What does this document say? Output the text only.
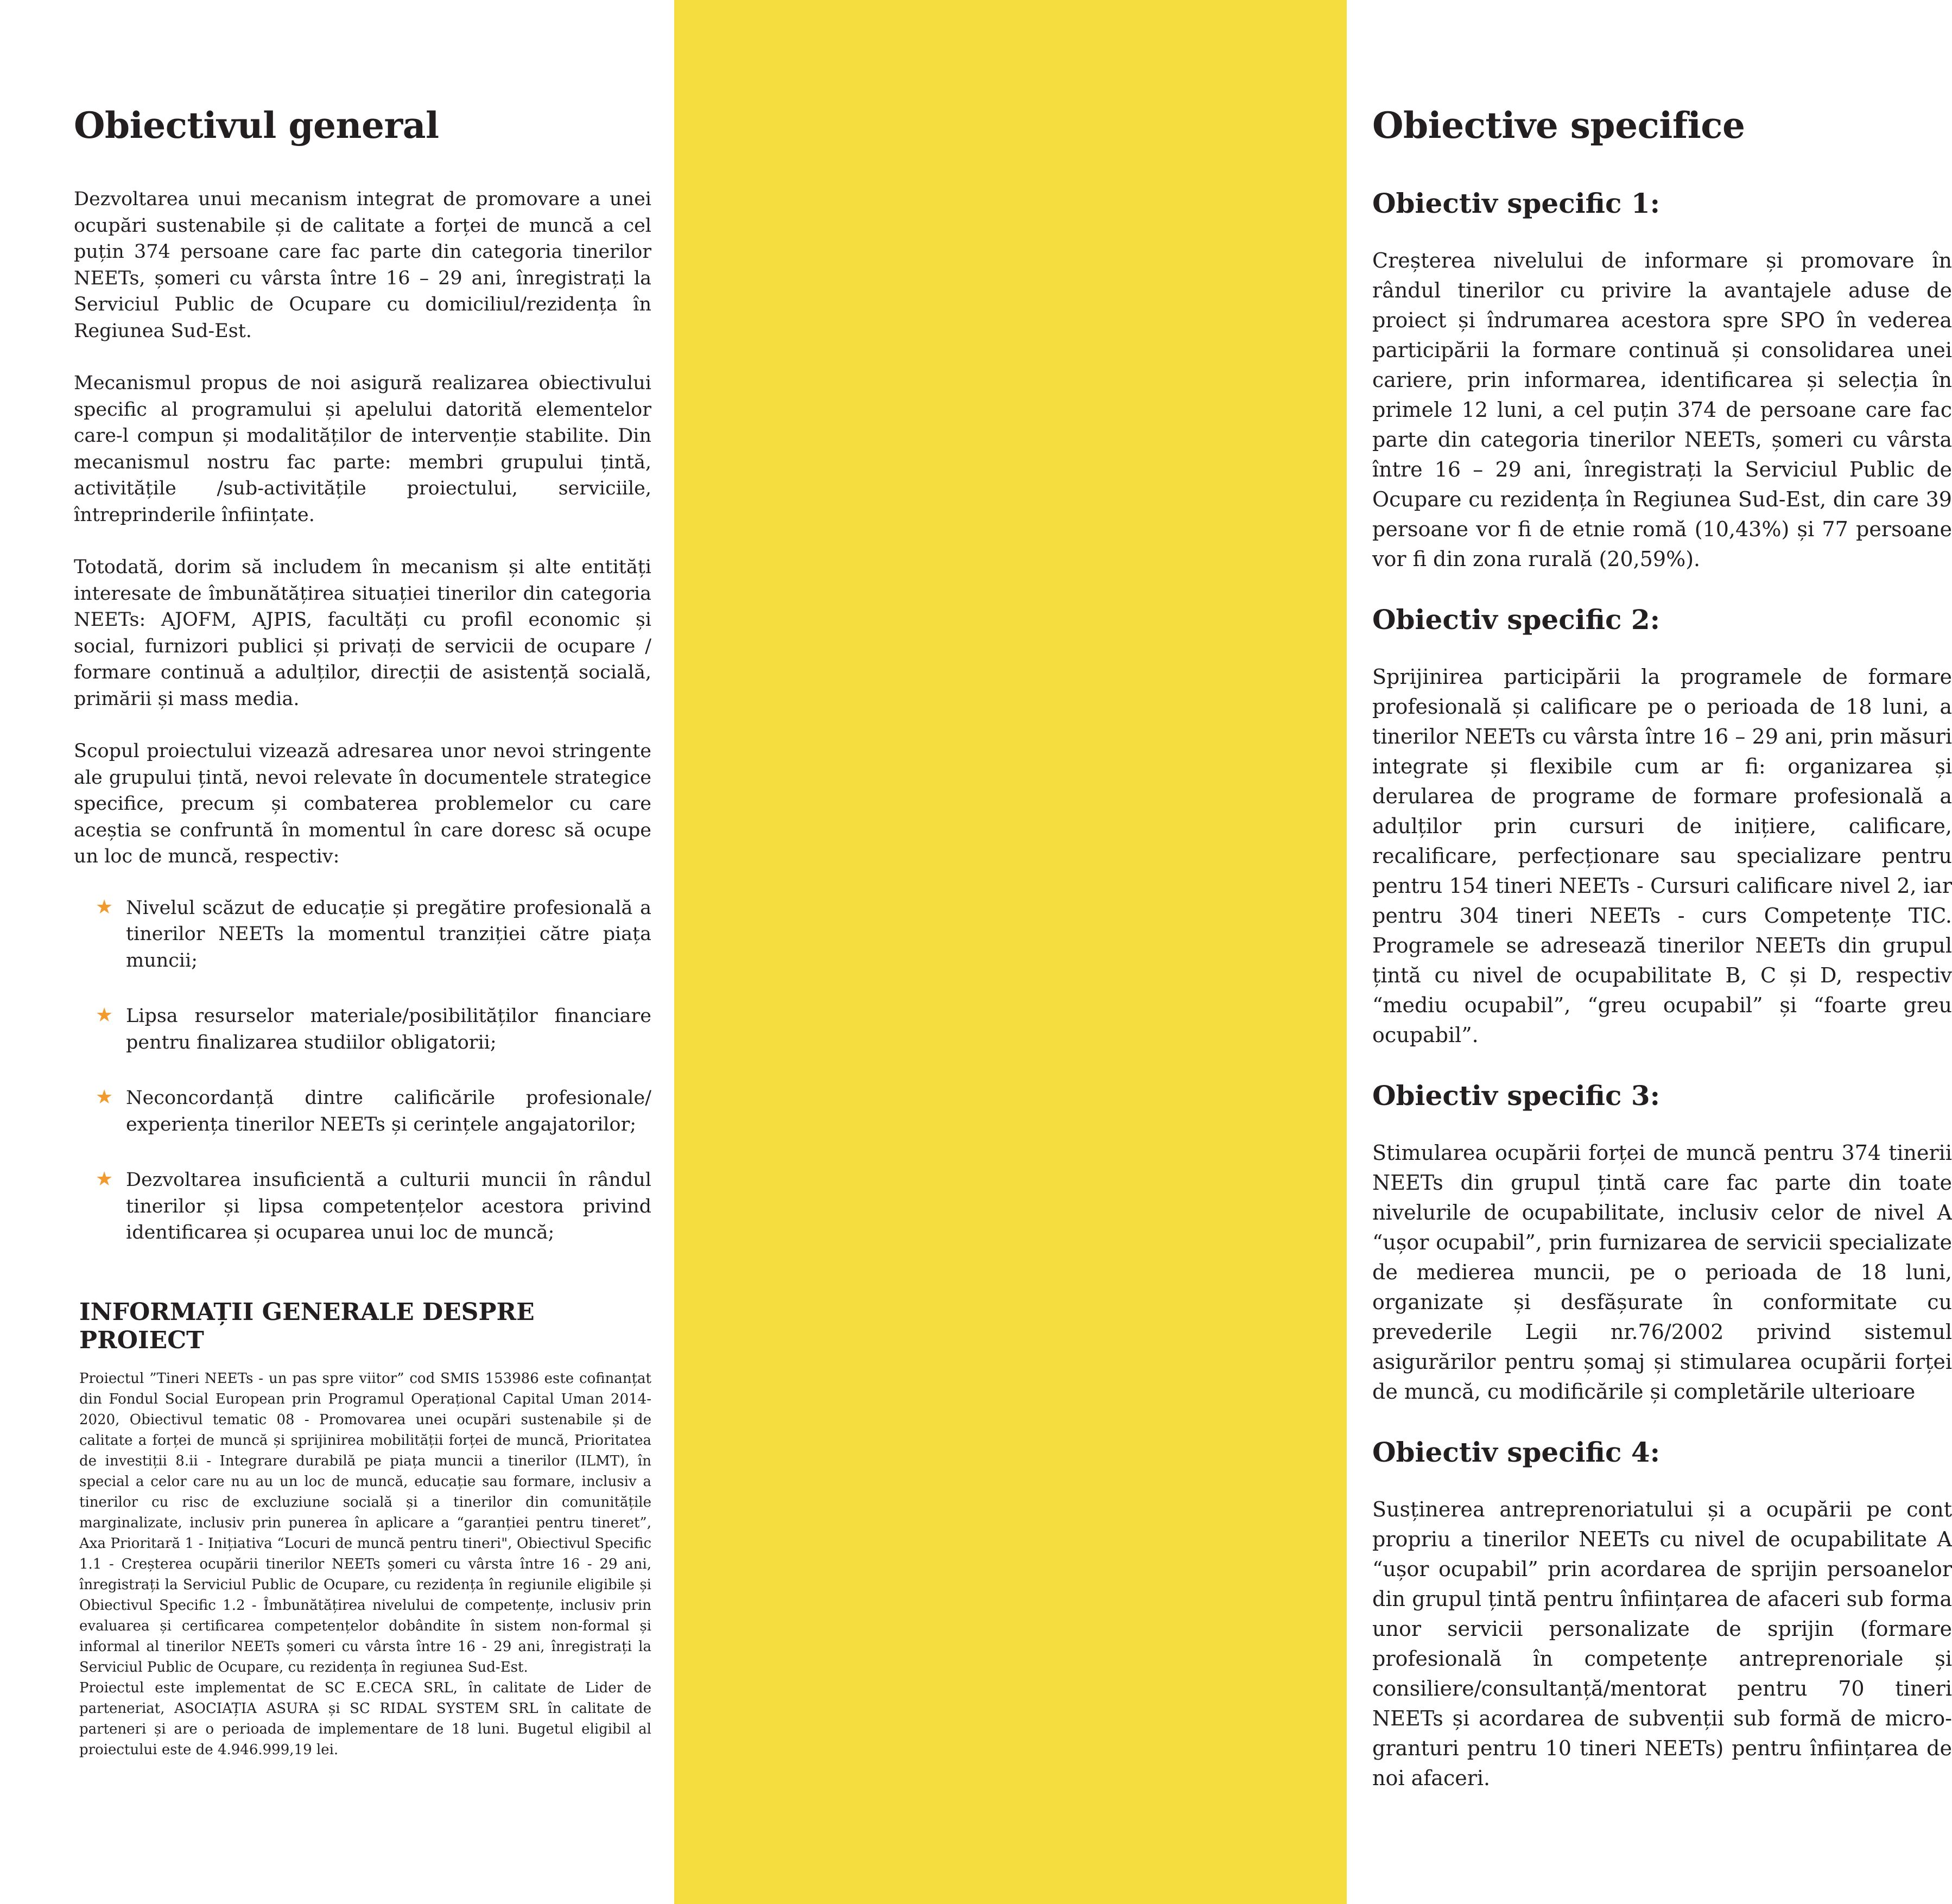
Obiectivul general

Dezvoltarea unui mecanism integrat de promovare a unei ocupări sustenabile și de calitate a forței de muncă a cel puțin 374 persoane care fac parte din categoria tinerilor NEETs, șomeri cu vârsta între 16 – 29 ani, înregistrați la Serviciul Public de Ocupare cu domiciliul/rezidența în Regiunea Sud-Est.

Mecanismul propus de noi asigură realizarea obiectivului specific al programului și apelului datorită elementelor care-l compun și modalităților de intervenție stabilite. Din mecanismul nostru fac parte: membri grupului țintă, activitățile /sub-activitățile proiectului, serviciile, întreprinderile înființate.

Totodată, dorim să includem în mecanism și alte entități interesate de îmbunătățirea situației tinerilor din categoria NEETs: AJOFM, AJPIS, facultăți cu profil economic și social, furnizori publici și privați de servicii de ocupare / formare continuă a adulților, direcții de asistență socială, primării și mass media.

Scopul proiectului vizează adresarea unor nevoi stringente ale grupului țintă, nevoi relevate în documentele strategice specifice, precum și combaterea problemelor cu care aceștia se confruntă în momentul în care doresc să ocupe un loc de muncă, respectiv:

★ Nivelul scăzut de educație și pregătire profesională a tinerilor NEETs la momentul tranziției către piața muncii;
★ Lipsa resurselor materiale/posibilităților financiare pentru finalizarea studiilor obligatorii;
★ Neconcordanță dintre calificările profesionale/ experiența tinerilor NEETs și cerințele angajatorilor;
★ Dezvoltarea insuficientă a culturii muncii în rândul tinerilor și lipsa competențelor acestora privind identificarea și ocuparea unui loc de muncă;
INFORMAȚII GENERALE DESPRE PROIECT

Proiectul ”Tineri NEETs - un pas spre viitor” cod SMIS 153986 este cofinanțat din Fondul Social European prin Programul Operațional Capital Uman 2014-2020, Obiectivul tematic 08 - Promovarea unei ocupări sustenabile și de calitate a forței de muncă și sprijinirea mobilității forței de muncă, Prioritatea de investiții 8.ii - Integrare durabilă pe piața muncii a tinerilor (ILMT), în special a celor care nu au un loc de muncă, educație sau formare, inclusiv a tinerilor cu risc de excluziune socială și a tinerilor din comunitățile marginalizate, inclusiv prin punerea în aplicare a “garanției pentru tineret”, Axa Prioritară 1 - Inițiativa “Locuri de muncă pentru tineri", Obiectivul Specific 1.1 - Creșterea ocupării tinerilor NEETs șomeri cu vârsta între 16 - 29 ani, înregistrați la Serviciul Public de Ocupare, cu rezidența în regiunile eligibile și Obiectivul Specific 1.2 - Îmbunătățirea nivelului de competențe, inclusiv prin evaluarea și certificarea competențelor dobândite în sistem non-formal și informal al tinerilor NEETs șomeri cu vârsta între 16 - 29 ani, înregistrați la Serviciul Public de Ocupare, cu rezidența în regiunea Sud-Est.

Proiectul este implementat de SC E.CECA SRL, în calitate de Lider de parteneriat, ASOCIAȚIA ASURA și SC RIDAL SYSTEM SRL în calitate de parteneri și are o perioada de implementare de 18 luni. Bugetul eligibil al proiectului este de 4.946.999,19 lei.

Obiective specifice
Obiectiv specific 1:

Creșterea nivelului de informare și promovare în rândul tinerilor cu privire la avantajele aduse de proiect și îndrumarea acestora spre SPO în vederea participării la formare continuă și consolidarea unei cariere, prin informarea, identificarea și selecția în primele 12 luni, a cel puțin 374 de persoane care fac parte din categoria tinerilor NEETs, șomeri cu vârsta între 16 – 29 ani, înregistrați la Serviciul Public de Ocupare cu rezidența în Regiunea Sud-Est, din care 39 persoane vor fi de etnie romă (10,43%) și 77 persoane vor fi din zona rurală (20,59%).

Obiectiv specific 2:

Sprijinirea participării la programele de formare profesională și calificare pe o perioada de 18 luni, a tinerilor NEETs cu vârsta între 16 – 29 ani, prin măsuri integrate și flexibile cum ar fi: organizarea și derularea de programe de formare profesională a adulților prin cursuri de inițiere, calificare, recalificare, perfecționare sau specializare pentru pentru 154 tineri NEETs - Cursuri calificare nivel 2, iar pentru 304 tineri NEETs - curs Competențe TIC. Programele se adresează tinerilor NEETs din grupul țintă cu nivel de ocupabilitate B, C și D, respectiv “mediu ocupabil”, “greu ocupabil” și “foarte greu ocupabil”.

Obiectiv specific 3:

Stimularea ocupării forței de muncă pentru 374 tinerii NEETs din grupul țintă care fac parte din toate nivelurile de ocupabilitate, inclusiv celor de nivel A “ușor ocupabil”, prin furnizarea de servicii specializate de medierea muncii, pe o perioada de 18 luni, organizate și desfășurate în conformitate cu prevederile Legii nr.76/2002 privind sistemul asigurărilor pentru șomaj și stimularea ocupării forței de muncă, cu modificările și completările ulterioare

Obiectiv specific 4:

Susținerea antreprenoriatului și a ocupării pe cont propriu a tinerilor NEETs cu nivel de ocupabilitate A “ușor ocupabil” prin acordarea de sprijin persoanelor din grupul țintă pentru înființarea de afaceri sub forma unor servicii personalizate de sprijin (formare profesională în competențe antreprenoriale și consiliere/consultanță/mentorat pentru 70 tineri NEETs și acordarea de subvenții sub formă de micro-granturi pentru 10 tineri NEETs) pentru înființarea de noi afaceri.
